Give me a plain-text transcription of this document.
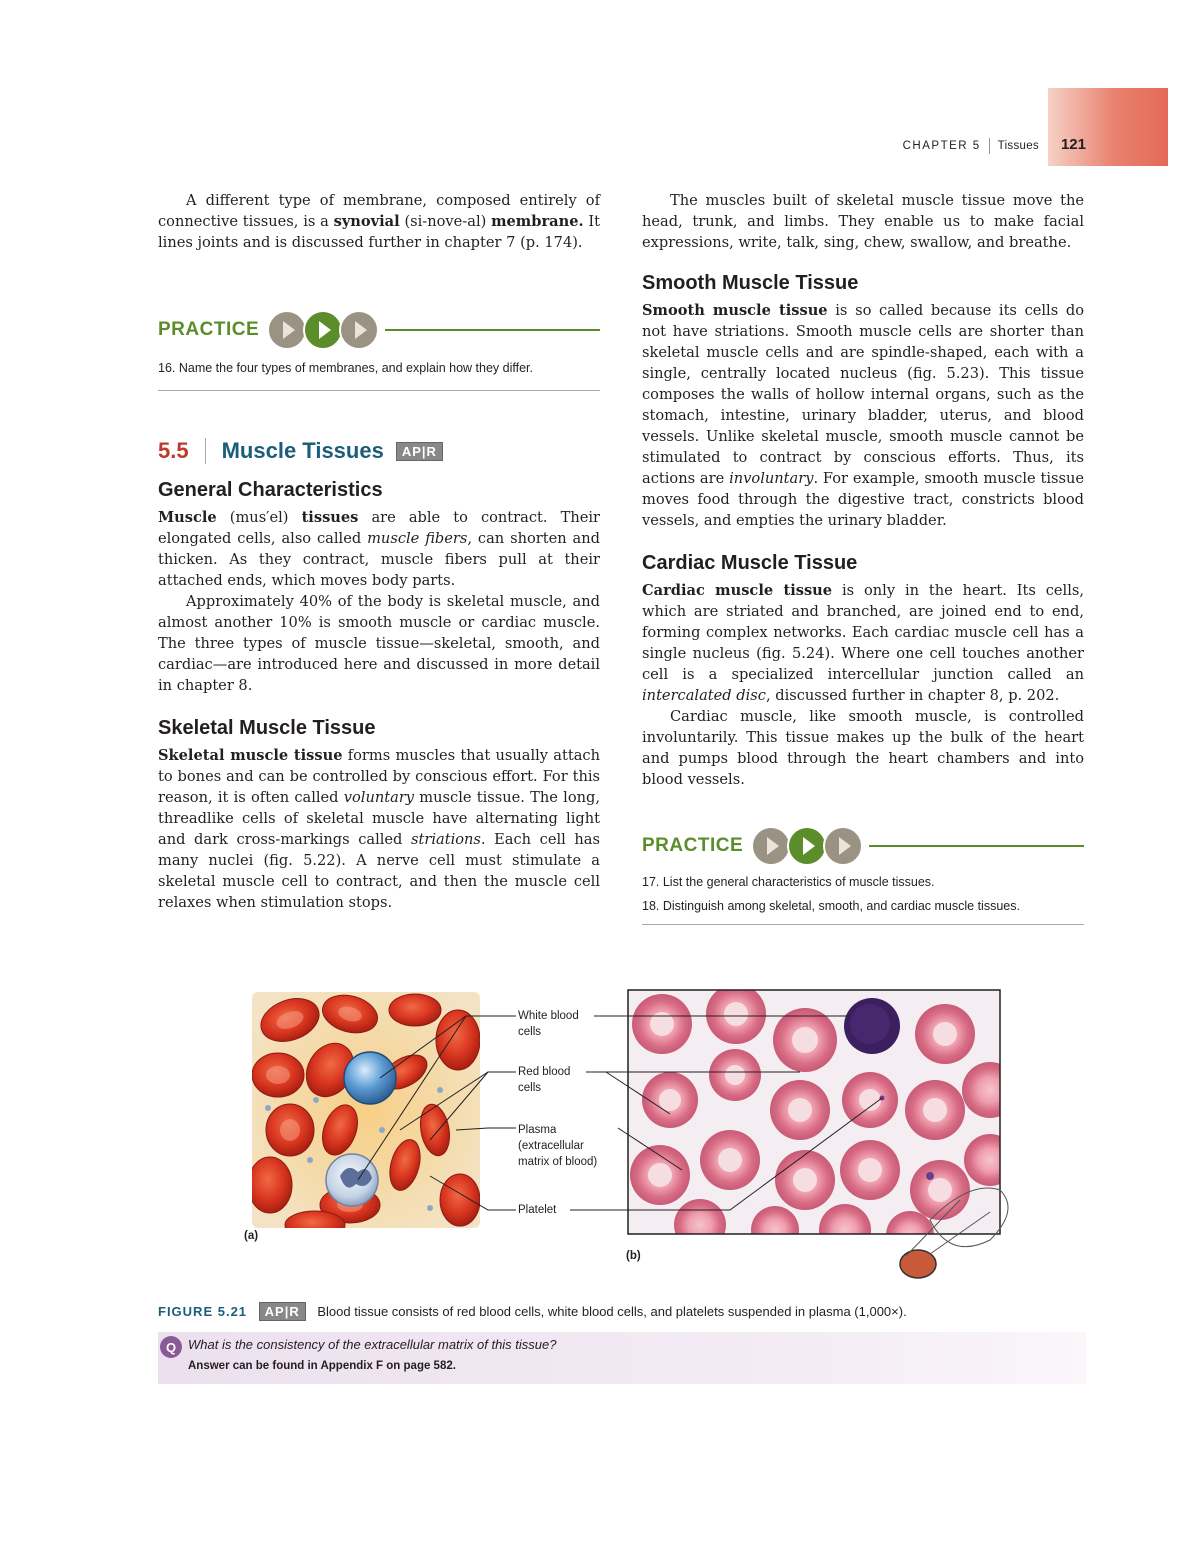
CHAPTER 5 Tissues 121

A different type of membrane, composed entirely of connective tissues, is a synovial (si-nove-al) membrane. It lines joints and is discussed further in chapter 7 (p. 174).

PRACTICE
16. Name the four types of membranes, and explain how they differ.
5.5 Muscle Tissues	AP|R

General Characteristics

Muscle (mus′el) tissues are able to contract. Their elongated cells, also called muscle fibers, can shorten and thicken. As they contract, muscle fibers pull at their attached ends, which moves body parts.

Approximately 40% of the body is skeletal muscle, and almost another 10% is smooth muscle or cardiac muscle. The three types of muscle tissue—skeletal, smooth, and cardiac—are introduced here and discussed in more detail in chapter 8.

Skeletal Muscle Tissue

Skeletal muscle tissue forms muscles that usually attach to bones and can be controlled by conscious effort. For this reason, it is often called voluntary muscle tissue. The long, threadlike cells of skeletal muscle have alternating light and dark cross-markings called striations. Each cell has many nuclei (fig. 5.22). A nerve cell must stimulate a skeletal muscle cell to contract, and then the muscle cell relaxes when stimulation stops.

The muscles built of skeletal muscle tissue move the head, trunk, and limbs. They enable us to make facial expressions, write, talk, sing, chew, swallow, and breathe.

Smooth Muscle Tissue

Smooth muscle tissue is so called because its cells do not have striations. Smooth muscle cells are shorter than skeletal muscle cells and are spindle-shaped, each with a single, centrally located nucleus (fig. 5.23). This tissue composes the walls of hollow internal organs, such as the stomach, intestine, urinary bladder, uterus, and blood vessels. Unlike skeletal muscle, smooth muscle cannot be stimulated to contract by conscious efforts. Thus, its actions are involuntary. For example, smooth muscle tissue moves food through the digestive tract, constricts blood vessels, and empties the urinary bladder.

Cardiac Muscle Tissue

Cardiac muscle tissue is only in the heart. Its cells, which are striated and branched, are joined end to end, forming complex networks. Each cardiac muscle cell has a single nucleus (fig. 5.24). Where one cell touches another cell is a specialized intercellular junction called an intercalated disc, discussed further in chapter 8, p. 202.

Cardiac muscle, like smooth muscle, is controlled involuntarily. This tissue makes up the bulk of the heart and pumps blood through the heart chambers and into blood vessels.

PRACTICE
17. List the general characteristics of muscle tissues.
18. Distinguish among skeletal, smooth, and cardiac muscle tissues.
White blood
cells
Red blood
cells
Plasma
(extracellular
matrix of blood)
Platelet
(a)
(b)
FIGURE 5.21 AP|R Blood tissue consists of red blood cells, white blood cells, and platelets suspended in plasma (1,000×).
Q What is the consistency of the extracellular matrix of this tissue?
Answer can be found in Appendix F on page 582.
